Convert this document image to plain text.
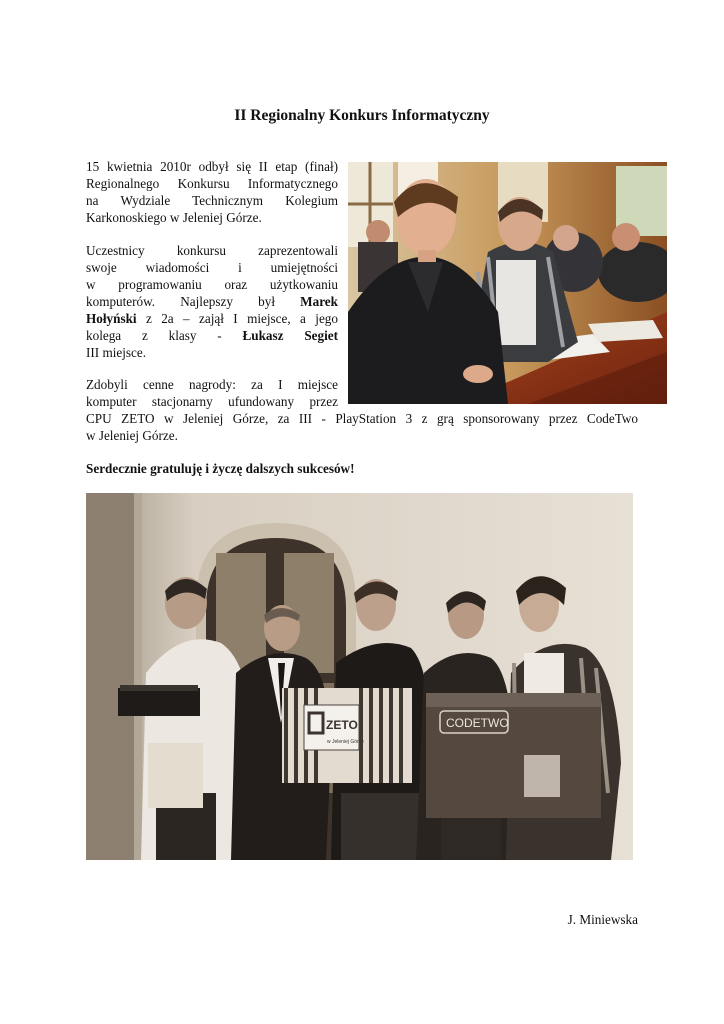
II Regionalny Konkurs Informatyczny
15 kwietnia 2010r odbył się II etap (finał)
Regionalnego Konkursu Informatycznego
na Wydziale Technicznym Kolegium
Karkonoskiego w Jeleniej Górze.
Uczestnicy konkursu zaprezentowali
swoje wiadomości i umiejętności
w programowaniu oraz użytkowaniu
komputerów. Najlepszy był Marek
Hołyński z 2a – zajął I miejsce, a jego
kolega z klasy - Łukasz Segiet
III miejsce.
Zdobyli cenne nagrody: za I miejsce
komputer stacjonarny ufundowany przez
CPU ZETO w Jeleniej Górze, za III - PlayStation 3 z grą sponsorowany przez CodeTwo
w Jeleniej Górze.
Serdecznie gratuluję i życzę dalszych sukcesów!
J. Miniewska
ZETO
w Jeleniej Górze
CODETWO
